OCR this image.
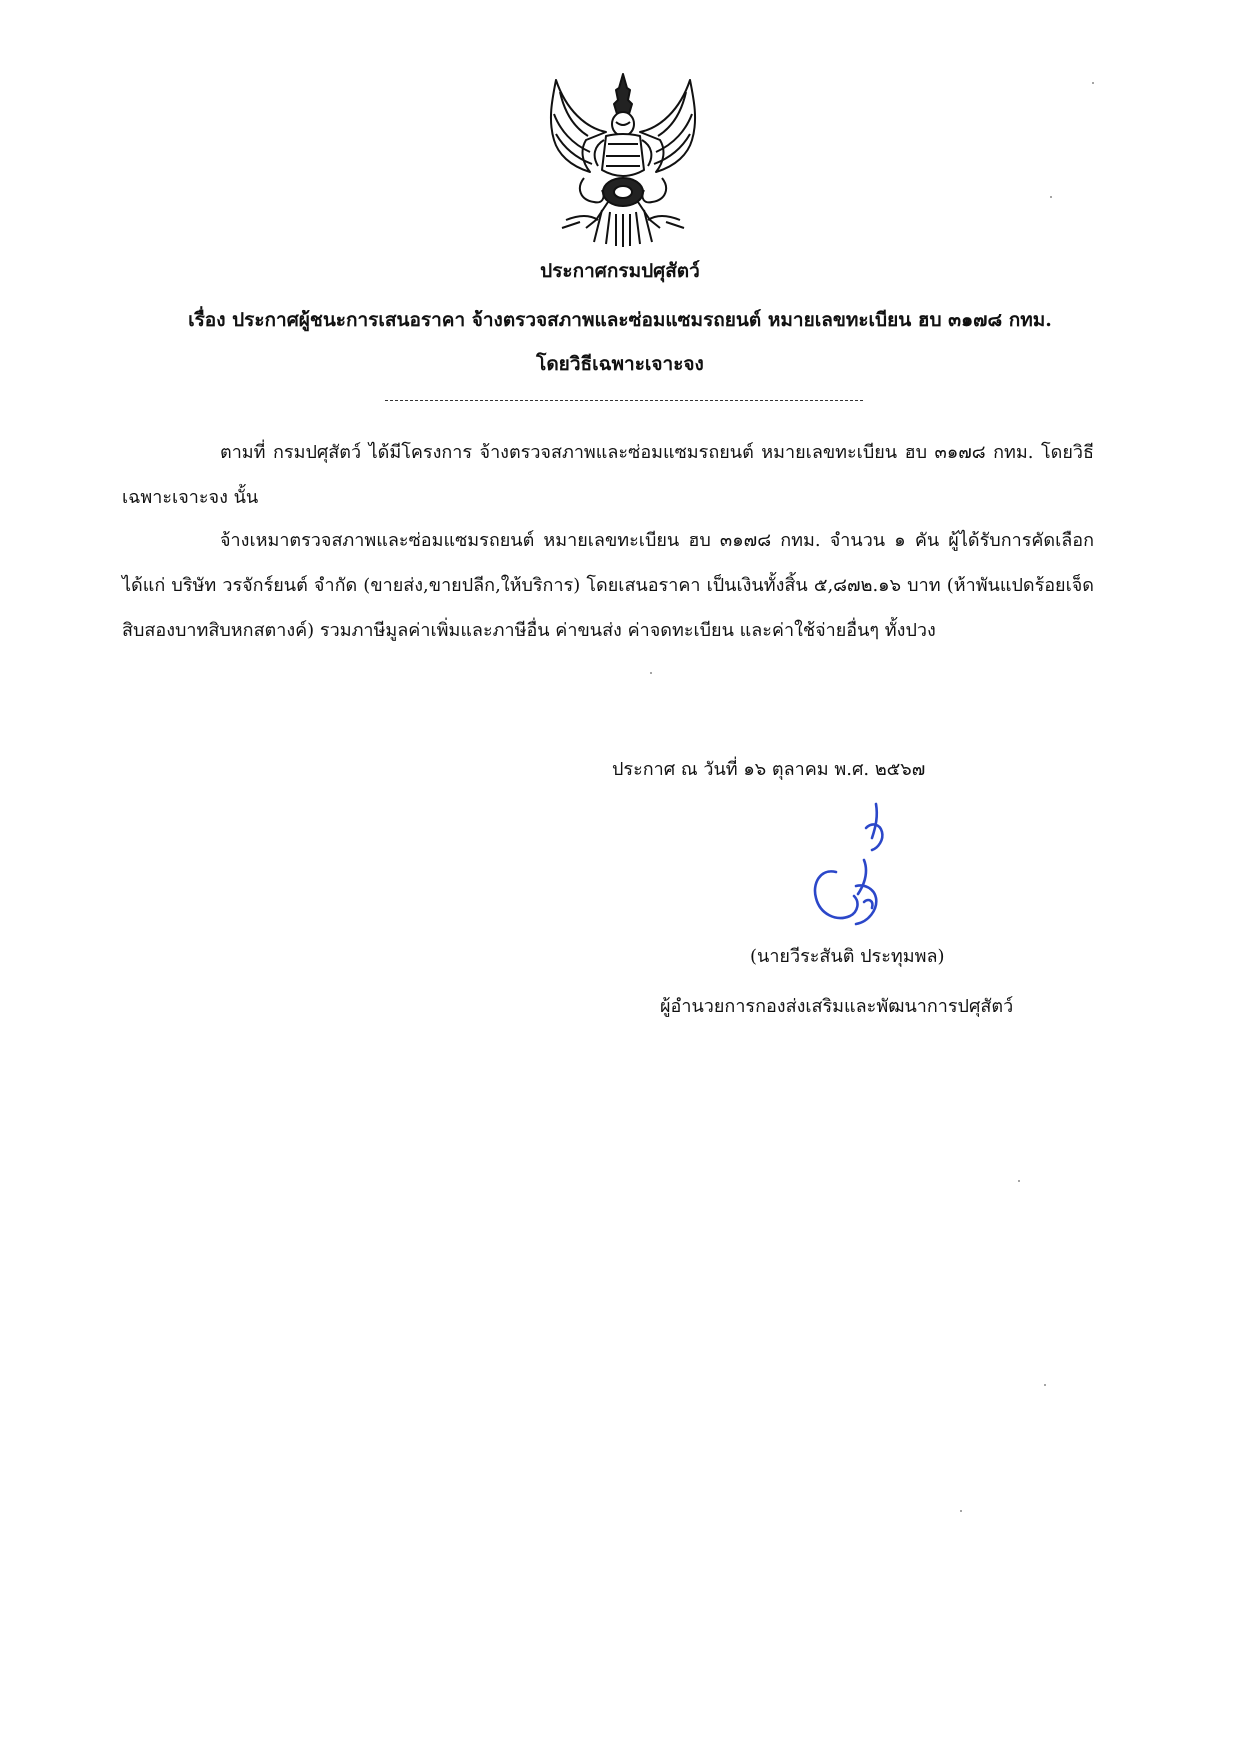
ประกาศกรมปศุสัตว์
เรื่อง ประกาศผู้ชนะการเสนอราคา จ้างตรวจสภาพและซ่อมแซมรถยนต์ หมายเลขทะเบียน ฮบ ๓๑๗๘ กทม.
โดยวิธีเฉพาะเจาะจง

ตามที่ กรมปศุสัตว์ ได้มีโครงการ จ้างตรวจสภาพและซ่อมแซมรถยนต์ หมายเลขทะเบียน ฮบ ๓๑๗๘ กทม. โดยวิธีเฉพาะเจาะจง นั้น

จ้างเหมาตรวจสภาพและซ่อมแซมรถยนต์ หมายเลขทะเบียน ฮบ ๓๑๗๘ กทม. จำนวน ๑ คัน ผู้ได้รับการคัดเลือก ได้แก่ บริษัท วรจักร์ยนต์ จำกัด (ขายส่ง,ขายปลีก,ให้บริการ) โดยเสนอราคา เป็นเงินทั้งสิ้น ๕,๘๗๒.๑๖ บาท (ห้าพันแปดร้อยเจ็ดสิบสองบาทสิบหกสตางค์) รวมภาษีมูลค่าเพิ่มและภาษีอื่น ค่าขนส่ง ค่าจดทะเบียน และค่าใช้จ่ายอื่นๆ ทั้งปวง

ประกาศ ณ วันที่ ๑๖ ตุลาคม พ.ศ. ๒๕๖๗
(นายวีระสันติ ประทุมพล)
ผู้อำนวยการกองส่งเสริมและพัฒนาการปศุสัตว์
